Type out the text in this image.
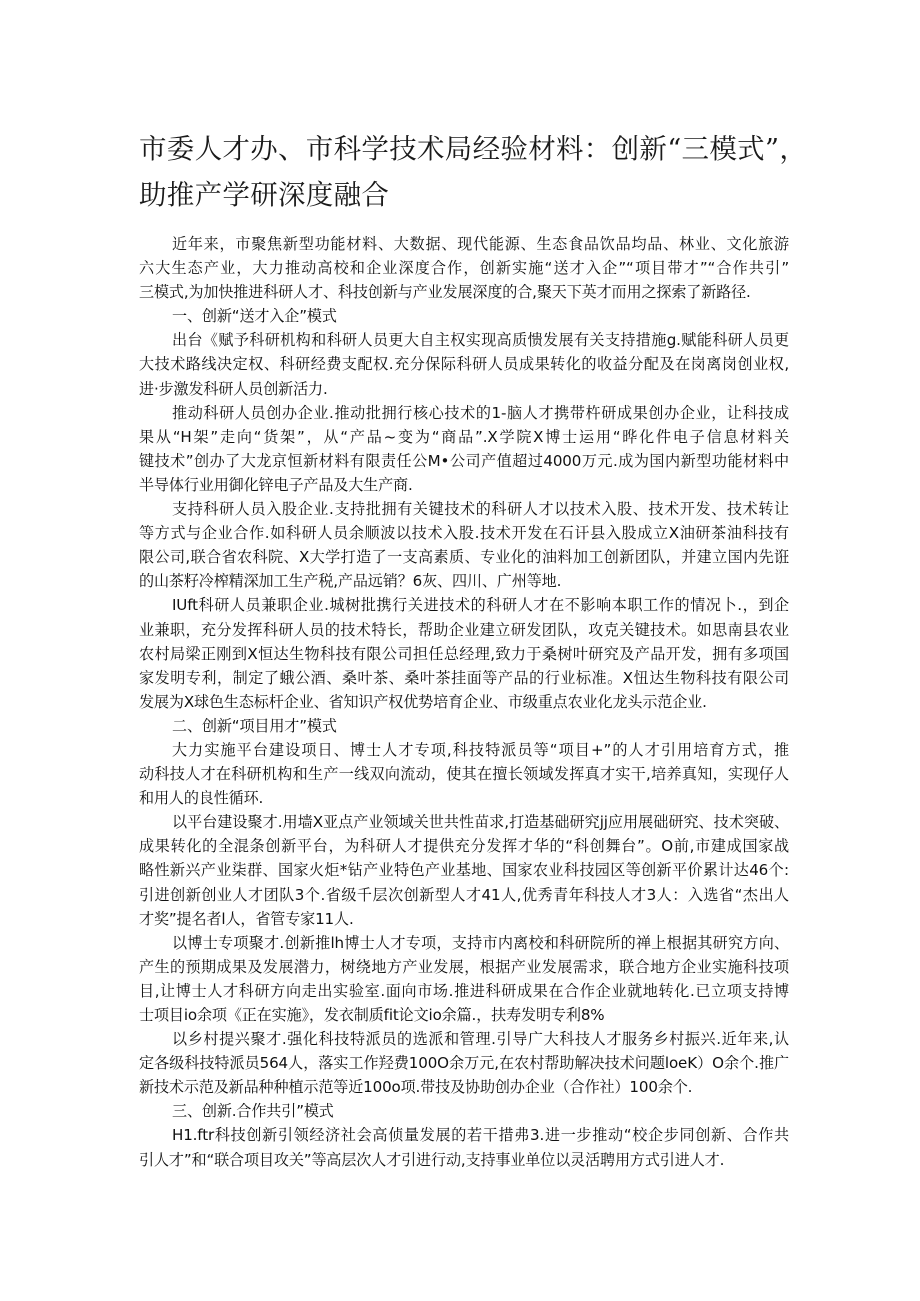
市委人才办、市科学技术局经验材料：创新“三模式”，
助推产学研深度融合
近年来，市聚焦新型功能材料、大数据、现代能源、生态食品饮品均品、林业、文化旅游
六大生态产业，大力推动高校和企业深度合作，创新实施“送才入企”“项目带才”“合作共引”
三模式,为加快推进科研人才、科技创新与产业发展深度的合,聚天下英才而用之探索了新路径.
一、创新“送才入企”模式
出台《赋予科研机构和科研人员更大自主权实现高质愦发展有关支持措施g.赋能科研人员更
大技术路线决定权、科研经费支配权.充分保际科研人员成果转化的收益分配及在岗离岗创业权,
进·步激发科研人员创新活力.
推动科研人员创办企业.推动批拥行核心技术的1-脑人才携带杵研成果创办企业，让科技成
果从“H架”走向“货架”，从“产品~变为“商品”.X学院X博士运用“晔化件电子信息材料关
键技术”创办了大龙京恒新材料有限责任公M•公司产值超过4000万元.成为国内新型功能材料中
半导体行业用御化锌电子产品及大生产商.
支持科研人员入股企业.支持批拥有关键技术的科研人才以技术入股、技术开发、技术转让
等方式与企业合作.如科研人员余顺波以技术入股.技术开发在石讦县入股成立X油研茶油科技有
限公司,联合省农科院、X大学打造了一支高素质、专业化的油料加工创新团队，并建立国内先诳
的山茶籽冷榨精深加工生产税,产品远销？6灰、四川、广州等地.
IUft科研人员兼职企业.城树批携行关进技术的科研人才在不影响本职工作的情况卜.，到企
业兼职，充分发挥科研人员的技术特长，帮助企业建立研发团队，攻克关键技术。如思南县农业
农村局梁正刚到X恒达生物科技有限公司担任总经理,致力于桑树叶研究及产品开发，拥有多项国
家发明专利，制定了蛾公酒、桑叶茶、桑叶茶挂面等产品的行业标准。X忸达生物科技有限公司
发展为X球色生态标杆企业、省知识产权优势培育企业、市级重点农业化龙头示范企业.
二、创新“项目用才”模式
大力实施平台建设项日、博士人才专项,科技特派员等“项目+”的人才引用培育方式，推
动科技人才在科研机构和生产一线双向流动，使其在擅长领域发挥真才实干,培养真知，实现仔人
和用人的良性循环.
以平台建设聚才.用墙X亚点产业领域关世共性苗求,打造基础研究jj应用展础研究、技术突破、
成果转化的全混条创新平台，为科研人才提供充分发挥才华的“科创舞台”。O前,市建成国家战
略性新兴产业柒群、国家火炬*钻产业特色产业基地、国家农业科技园区等创新平价累计达46个:
引进创新创业人才团队3个.省级千层次创新型人才41人,优秀青年科技人才3人：入选省“杰出人
才奖”提名者l人，省管专家11人.
以博士专项聚才.创新推lh博士人才专项，支持市内离校和科研院所的禅上根据其研究方向、
产生的预期成果及发展潜力，树绕地方产业发展，根据产业发展需求，联合地方企业实施科技项
目,让博士人才科研方向走出实验室.面向市场.推进科研成果在合作企业就地转化.已立项支持博
士项目io余项《正在实施》，发衣制质fit论文io余篇.，扶寿发明专利8%
以乡村提兴聚才.强化科技特派员的选派和管理.引导广大科技人才服务乡村振兴.近年来,认
定各级科技特派员564人，落实工作羟费100O余万元,在农村帮助解决技术问题loeK）O余个.推广
新技术示范及新品种种植示范等近100o项.带技及协助创办企业（合作社）100余个.
三、创新.合作共引”模式
H1.ftr科技创新引领经济社会高侦量发展的若干措弗3.进一步推动“校企步同创新、合作共
引人才”和“联合项目攻关”等高层次人才引进行动,支持事业单位以灵活聘用方式引进人才.
